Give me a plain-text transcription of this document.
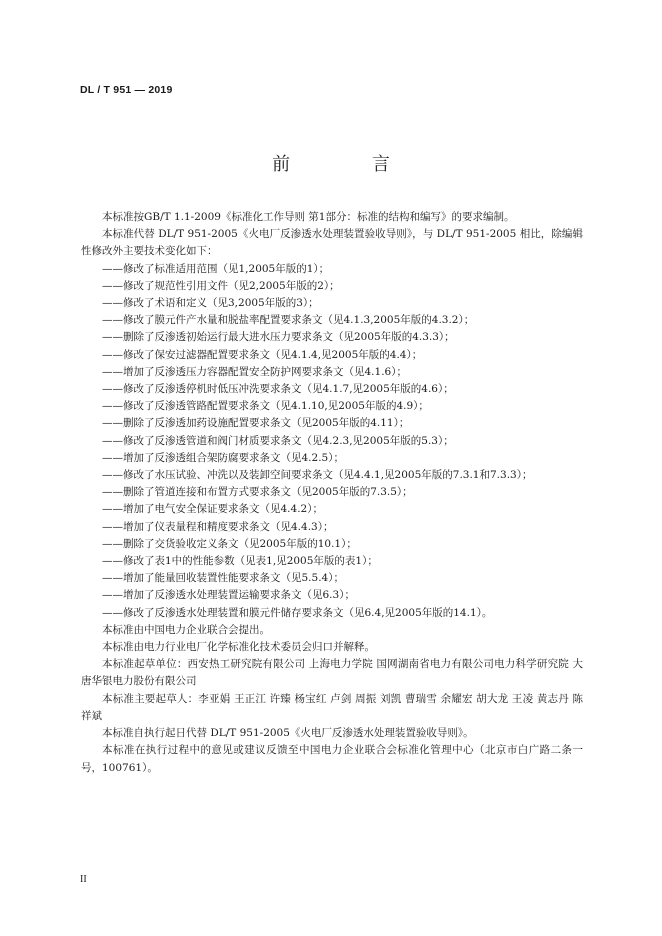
DL / T 951 — 2019
前 言

本标准按GB/T 1.1-2009《标准化工作导则 第1部分：标准的结构和编写》的要求编制。

本标准代替 DL/T 951-2005《火电厂反渗透水处理装置验收导则》，与 DL/T 951-2005 相比，除编辑性修改外主要技术变化如下：

——修改了标准适用范围（见1,2005年版的1）；

——修改了规范性引用文件（见2,2005年版的2）；

——修改了术语和定义（见3,2005年版的3）；

——修改了膜元件产水量和脱盐率配置要求条文（见4.1.3,2005年版的4.3.2）；

——删除了反渗透初始运行最大进水压力要求条文（见2005年版的4.3.3）；

——修改了保安过滤器配置要求条文（见4.1.4,见2005年版的4.4）；

——增加了反渗透压力容器配置安全防护网要求条文（见4.1.6）；

——修改了反渗透停机时低压冲洗要求条文（见4.1.7,见2005年版的4.6）；

——修改了反渗透管路配置要求条文（见4.1.10,见2005年版的4.9）；

——删除了反渗透加药设施配置要求条文（见2005年版的4.11）；

——修改了反渗透管道和阀门材质要求条文（见4.2.3,见2005年版的5.3）；

——增加了反渗透组合架防腐要求条文（见4.2.5）；

——修改了水压试验、冲洗以及装卸空间要求条文（见4.4.1,见2005年版的7.3.1和7.3.3）；

——删除了管道连接和布置方式要求条文（见2005年版的7.3.5）；

——增加了电气安全保证要求条文（见4.4.2）；

——增加了仪表量程和精度要求条文（见4.4.3）；

——删除了交货验收定义条文（见2005年版的10.1）；

——修改了表1中的性能参数（见表1,见2005年版的表1）；

——增加了能量回收装置性能要求条文（见5.5.4）；

——增加了反渗透水处理装置运输要求条文（见6.3）；

——修改了反渗透水处理装置和膜元件储存要求条文（见6.4,见2005年版的14.1）。

本标准由中国电力企业联合会提出。

本标准由电力行业电厂化学标准化技术委员会归口并解释。

本标准起草单位：西安热工研究院有限公司 上海电力学院 国网湖南省电力有限公司电力科学研究院 大唐华银电力股份有限公司

本标准主要起草人：李亚娟 王正江 许臻 杨宝红 卢剑 周振 刘凯 曹瑞雪 余耀宏 胡大龙 王凌 黄志丹 陈祥斌

本标准自执行起日代替 DL/T 951-2005《火电厂反渗透水处理装置验收导则》。

本标准在执行过程中的意见或建议反馈至中国电力企业联合会标准化管理中心（北京市白广路二条一号，100761）。

II
